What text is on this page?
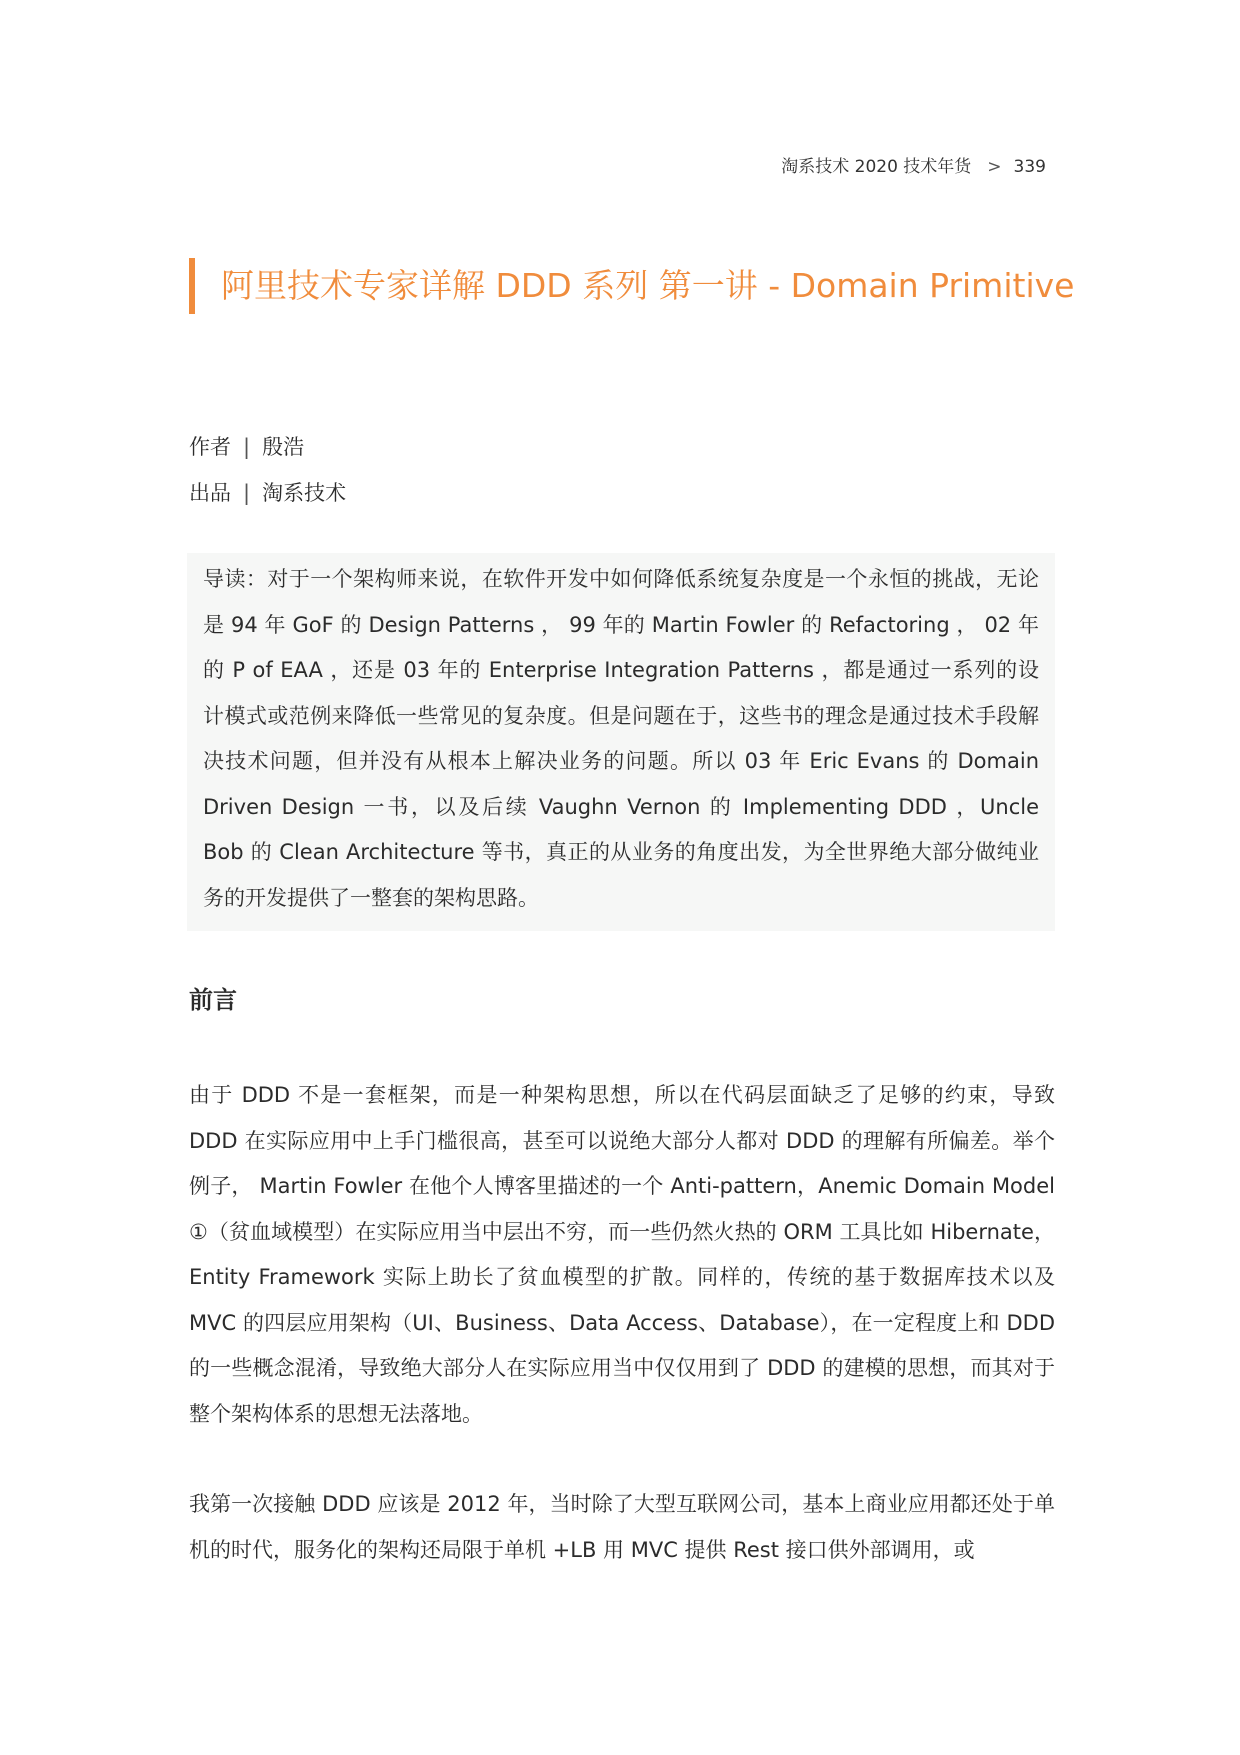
淘系技术 2020 技术年货 > 339
阿里技术专家详解 DDD 系列 第一讲 - Domain Primitive
作者 | 殷浩
出品 | 淘系技术
导读：对于一个架构师来说，在软件开发中如何降低系统复杂度是一个永恒的挑战，无论是 94 年 GoF 的 Design Patterns ， 99 年的 Martin Fowler 的 Refactoring ， 02 年的 P of EAA ，还是 03 年的 Enterprise Integration Patterns ，都是通过一系列的设计模式或范例来降低一些常见的复杂度。但是问题在于，这些书的理念是通过技术手段解决技术问题，但并没有从根本上解决业务的问题。所以 03 年 Eric Evans 的 Domain Driven Design 一书，以及后续 Vaughn Vernon 的 Implementing DDD ，Uncle Bob 的 Clean Architecture 等书，真正的从业务的角度出发，为全世界绝大部分做纯业务的开发提供了一整套的架构思路。
前言

由于 DDD 不是一套框架，而是一种架构思想，所以在代码层面缺乏了足够的约束，导致 DDD 在实际应用中上手门槛很高，甚至可以说绝大部分人都对 DDD 的理解有所偏差。举个例子， Martin Fowler 在他个人博客里描述的一个 Anti-pattern，Anemic Domain Model ①（贫血域模型）在实际应用当中层出不穷，而一些仍然火热的 ORM 工具比如 Hibernate，Entity Framework 实际上助长了贫血模型的扩散。同样的，传统的基于数据库技术以及 MVC 的四层应用架构（UI、Business、Data Access、Database），在一定程度上和 DDD 的一些概念混淆，导致绝大部分人在实际应用当中仅仅用到了 DDD 的建模的思想，而其对于整个架构体系的思想无法落地。

我第一次接触 DDD 应该是 2012 年，当时除了大型互联网公司，基本上商业应用都还处于单机的时代，服务化的架构还局限于单机 +LB 用 MVC 提供 Rest 接口供外部调用，或
